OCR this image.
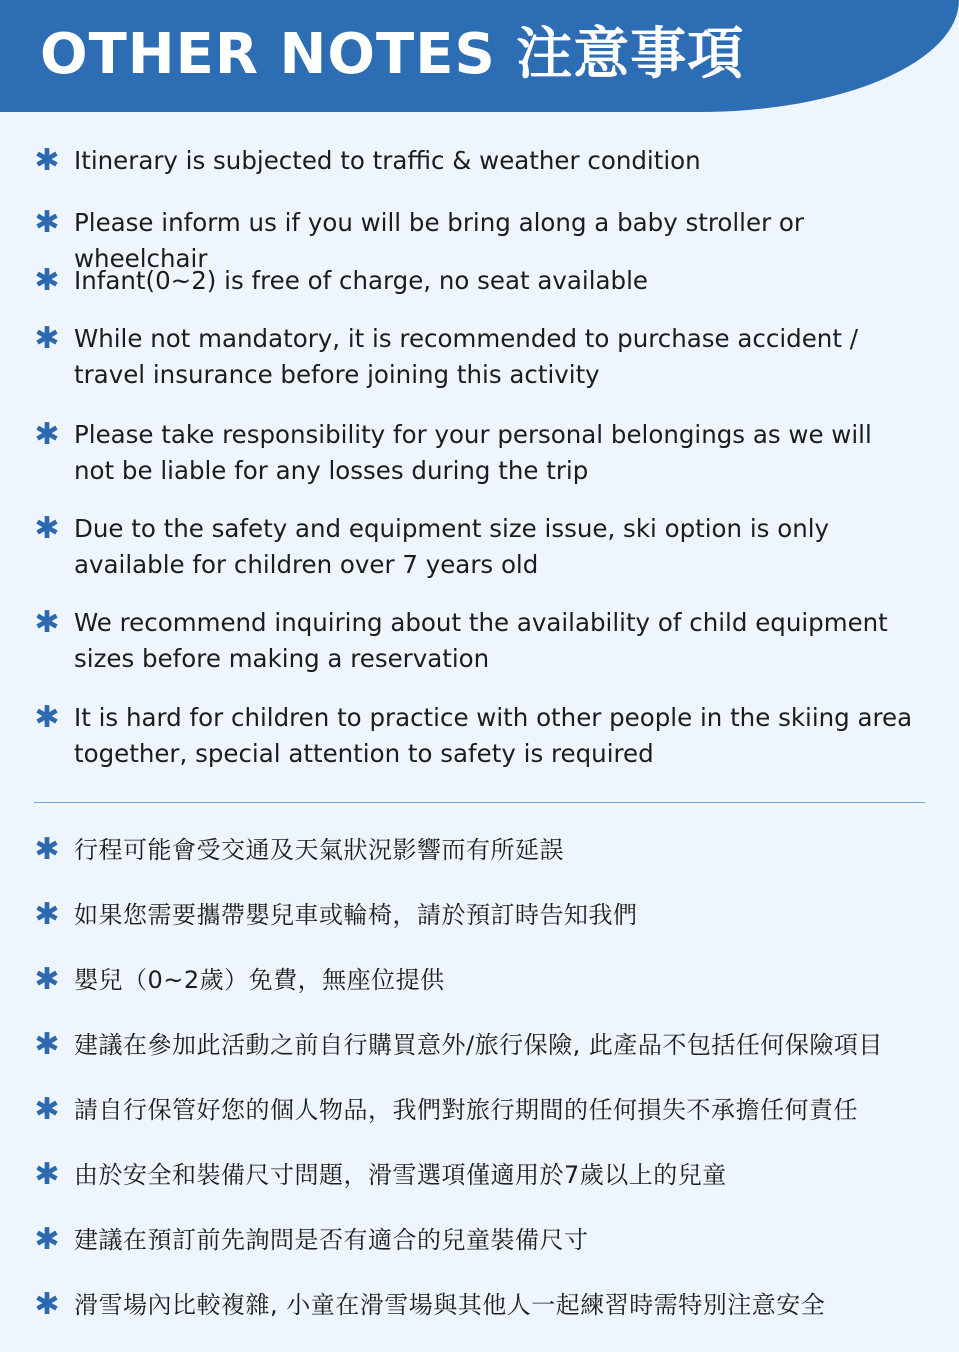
OTHER NOTES 注意事項
✱ Itinerary is subjected to traffic & weather condition
✱ Please inform us if you will be bring along a baby stroller or wheelchair
✱ Infant(0~2) is free of charge, no seat available
✱ While not mandatory, it is recommended to purchase accident / travel insurance before joining this activity
✱ Please take responsibility for your personal belongings as we will not be liable for any losses during the trip
✱ Due to the safety and equipment size issue, ski option is only available for children over 7 years old
✱ We recommend inquiring about the availability of child equipment sizes before making a reservation
✱ It is hard for children to practice with other people in the skiing area together, special attention to safety is required
✱ 行程可能會受交通及天氣狀況影響而有所延誤
✱ 如果您需要攜帶嬰兒車或輪椅，請於預訂時告知我們
✱ 嬰兒（0~2歲）免費，無座位提供
✱ 建議在參加此活動之前自行購買意外/旅行保險, 此產品不包括任何保險項目
✱ 請自行保管好您的個人物品，我們對旅行期間的任何損失不承擔任何責任
✱ 由於安全和裝備尺寸問題，滑雪選項僅適用於7歲以上的兒童
✱ 建議在預訂前先詢問是否有適合的兒童裝備尺寸
✱ 滑雪場內比較複雜, 小童在滑雪場與其他人一起練習時需特別注意安全
